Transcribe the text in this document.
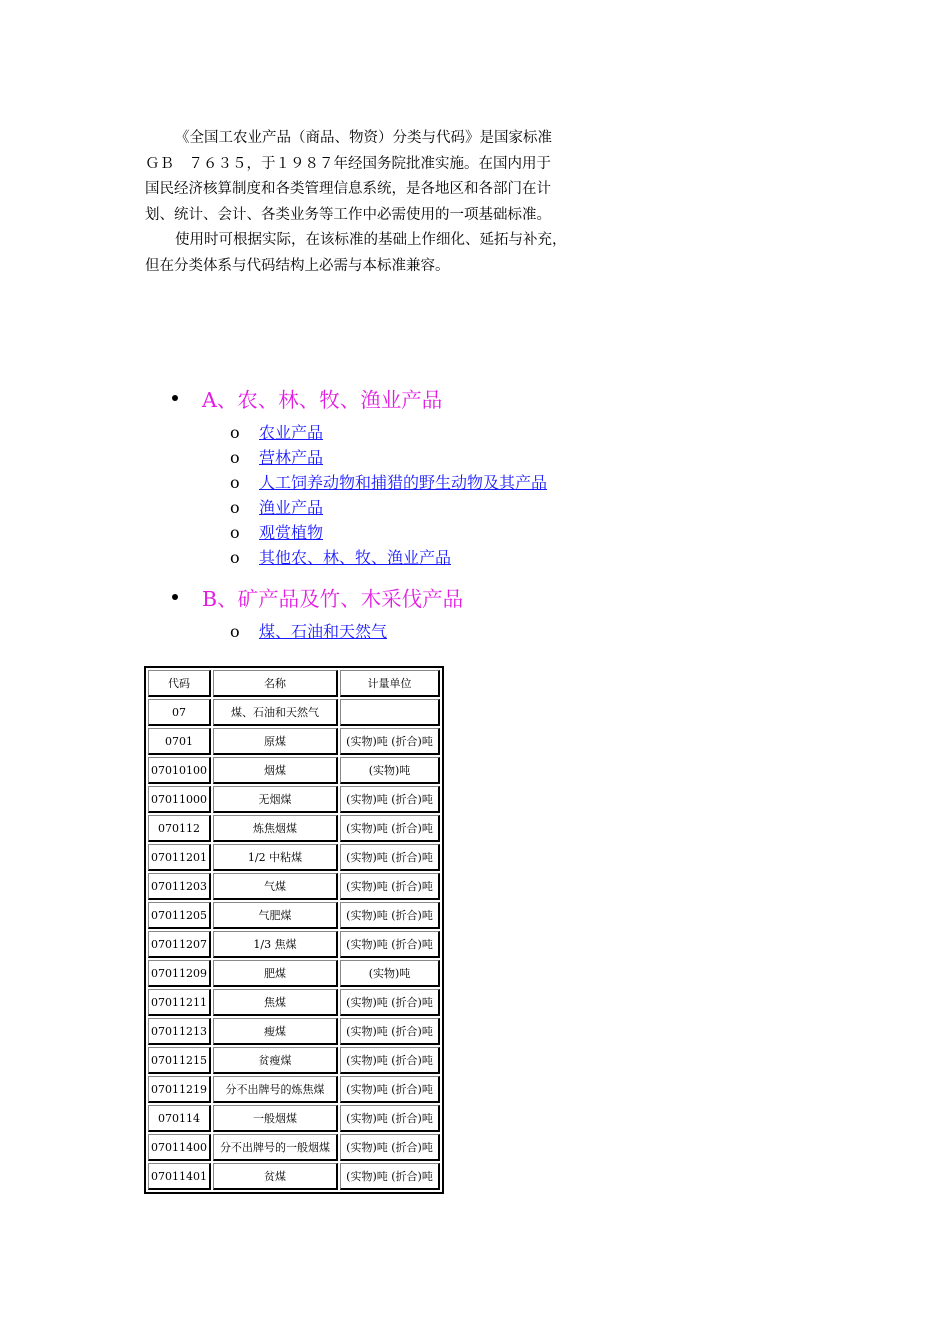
《全国工农业产品（商品、物资）分类与代码》是国家标准

ＧＢ　７６３５，于１９８７年经国务院批准实施。在国内用于

国民经济核算制度和各类管理信息系统，是各地区和各部门在计

划、统计、会计、各类业务等工作中必需使用的一项基础标准。

使用时可根据实际，在该标准的基础上作细化、延拓与补充，

但在分类体系与代码结构上必需与本标准兼容。

A、农、林、牧、渔业产品
o 农业产品
o 营林产品
o 人工饲养动物和捕猎的野生动物及其产品
o 渔业产品
o 观赏植物
o 其他农、林、牧、渔业产品
B、矿产品及竹、木采伐产品
o 煤、石油和天然气
代码	名称	计量单位
07	煤、石油和天然气	
0701	原煤	(实物)吨 (折合)吨
07010100	烟煤	(实物)吨
07011000	无烟煤	(实物)吨 (折合)吨
070112	炼焦烟煤	(实物)吨 (折合)吨
07011201	1/2 中粘煤	(实物)吨 (折合)吨
07011203	气煤	(实物)吨 (折合)吨
07011205	气肥煤	(实物)吨 (折合)吨
07011207	1/3 焦煤	(实物)吨 (折合)吨
07011209	肥煤	(实物)吨
07011211	焦煤	(实物)吨 (折合)吨
07011213	瘦煤	(实物)吨 (折合)吨
07011215	贫瘦煤	(实物)吨 (折合)吨
07011219	分不出牌号的炼焦煤	(实物)吨 (折合)吨
070114	一般烟煤	(实物)吨 (折合)吨
07011400	分不出牌号的一般烟煤	(实物)吨 (折合)吨
07011401	贫煤	(实物)吨 (折合)吨
